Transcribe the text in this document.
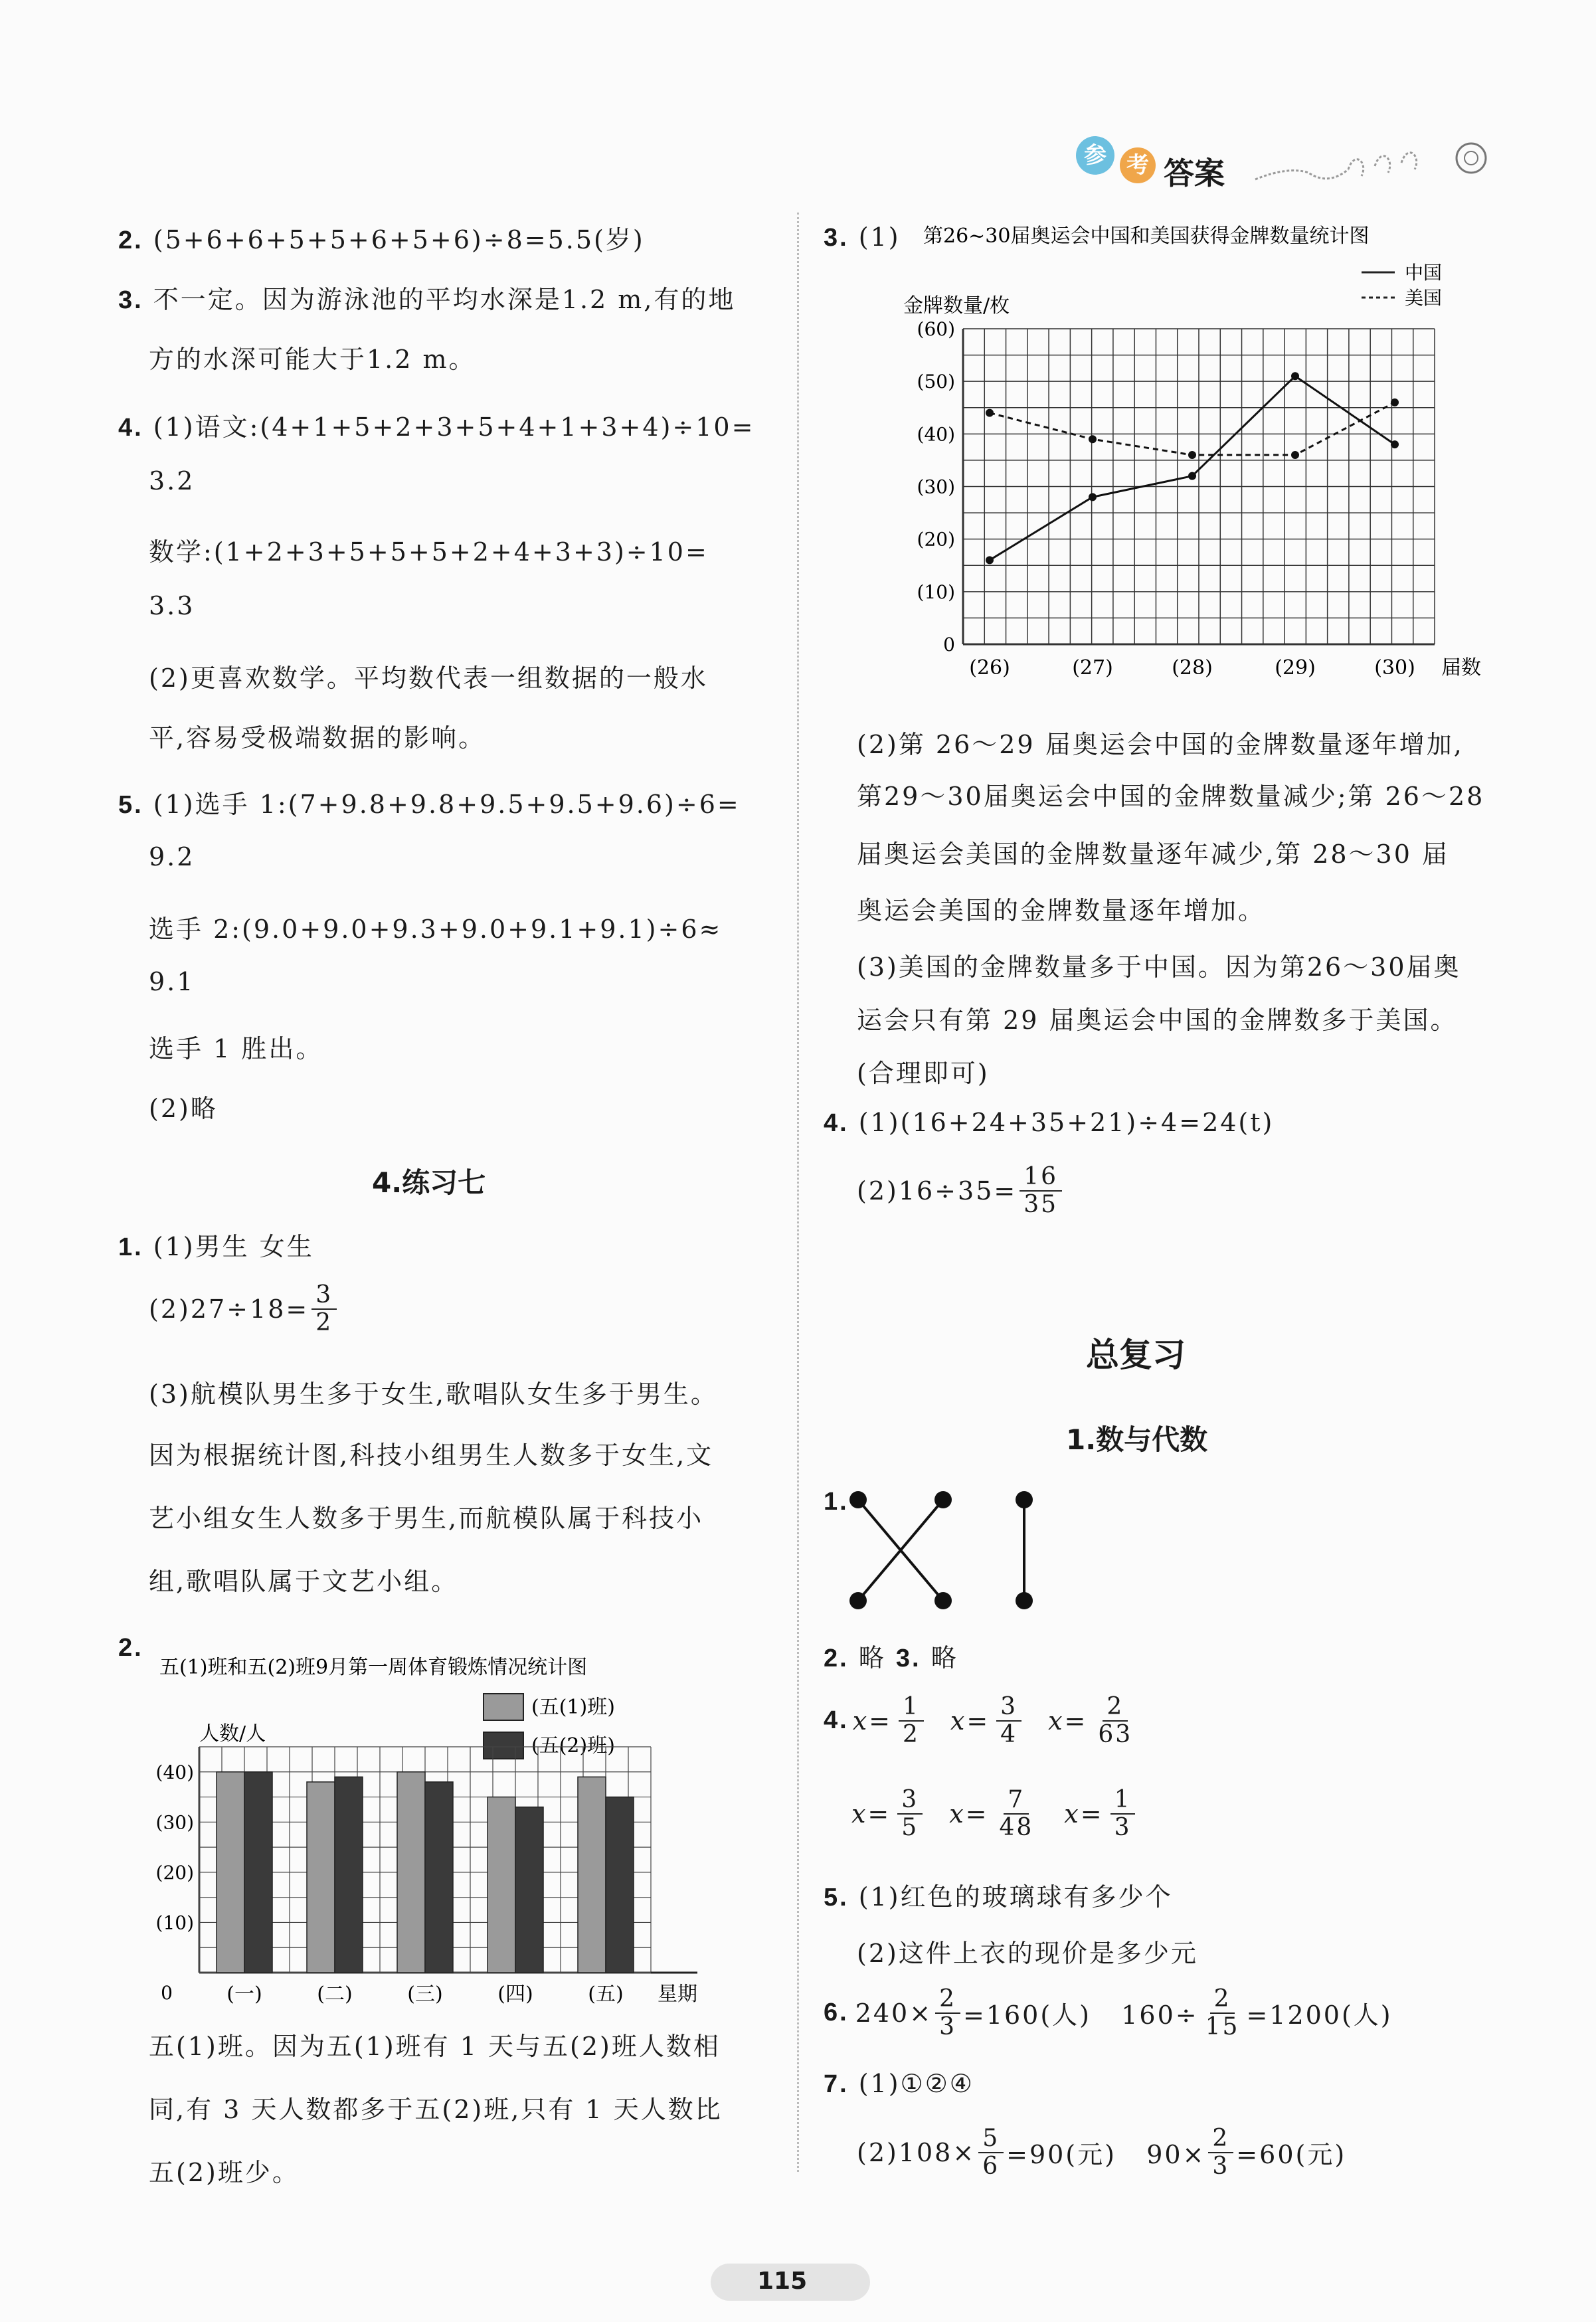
参 考 答案
2. (5+6+6+5+5+6+5+6)÷8=5.5(岁)
3. 不一定。因为游泳池的平均水深是1.2 m,有的地
方的水深可能大于1.2 m。
4. (1)语文:(4+1+5+2+3+5+4+1+3+4)÷10=
3.2
数学:(1+2+3+5+5+5+2+4+3+3)÷10=
3.3
(2)更喜欢数学。平均数代表一组数据的一般水
平,容易受极端数据的影响。
5. (1)选手 1:(7+9.8+9.8+9.5+9.5+9.6)÷6=
9.2
选手 2:(9.0+9.0+9.3+9.0+9.1+9.1)÷6≈
9.1
选手 1 胜出。
(2)略
4.练习七
1. (1)男生 女生
$(2)27\div 18= \frac{3}{2}$
(3)航模队男生多于女生,歌唱队女生多于男生。
因为根据统计图,科技小组男生人数多于女生,文
艺小组女生人数多于男生,而航模队属于科技小
组,歌唱队属于文艺小组。
2.
五(1)班和五(2)班9月第一周体育锻炼情况统计图
人数/人
(五(1)班)
(五(2)班)
0
(10)
(20)
(30)
(40)
(一)	(二)	(三)	(四)	(五) 星期
五(1)班。因为五(1)班有 1 天与五(2)班人数相
同,有 3 天人数都多于五(2)班,只有 1 天人数比
五(2)班少。
3. (1) 第26~30届奥运会中国和美国获得金牌数量统计图
金牌数量/枚
中国
美国
0
(10)
(20)
(30)
(40)
(50)
(60)
(26)	(27)	(28)	(29)	(30) 届数
(2)第 26～29 届奥运会中国的金牌数量逐年增加,
第29～30届奥运会中国的金牌数量减少;第 26～28
届奥运会美国的金牌数量逐年减少,第 28～30 届
奥运会美国的金牌数量逐年增加。
(3)美国的金牌数量多于中国。因为第26～30届奥
运会只有第 29 届奥运会中国的金牌数多于美国。
(合理即可)
4. (1)(16+24+35+21)÷4=24(t)
$(2)16\div 35= \frac{16}{35}$
总复习
1.数与代数
1.
2. 略 3. 略
4. $x= \frac{1}{2} x= \frac{3}{4} x= \frac{2}{63}$
$x= \frac{3}{5} x= \frac{7}{48} x= \frac{1}{3}$
5. (1)红色的玻璃球有多少个
(2)这件上衣的现价是多少元
6. $240\times \frac{2}{3} =160$(人)   $160\div \frac{2}{15} =1200$(人)
7. (1)①②④
$(2)108\times \frac{5}{6} =90$(元)   $90\times \frac{2}{3} =60$(元)
115
